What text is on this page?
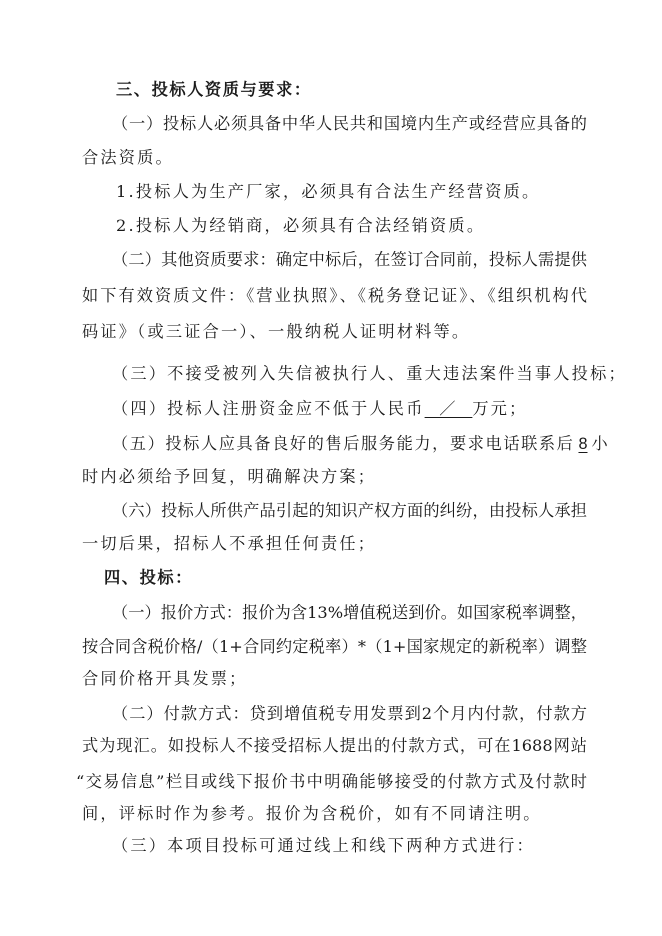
三、投标人资质与要求：
（一）投标人必须具备中华人民共和国境内生产或经营应具备的
合法资质。
1.投标人为生产厂家，必须具有合法生产经营资质。
2.投标人为经销商，必须具有合法经销资质。
（二）其他资质要求：确定中标后，在签订合同前，投标人需提供
如下有效资质文件：《营业执照》、《税务登记证》、《组织机构代
码证》（或三证合一）、一般纳税人证明材料等。
（三）不接受被列入失信被执行人、重大违法案件当事人投标；
（四）投标人注册资金应不低于人民币  ／  万元；
（五）投标人应具备良好的售后服务能力，要求电话联系后 8 小
时内必须给予回复，明确解决方案；
（六）投标人所供产品引起的知识产权方面的纠纷，由投标人承担
一切后果，招标人不承担任何责任；
四、投标：
（一）报价方式：报价为含13%增值税送到价。如国家税率调整，
按合同含税价格/（1+合同约定税率）*（1+国家规定的新税率）调整
合同价格开具发票；
（二）付款方式：贷到增值税专用发票到2个月内付款，付款方
式为现汇。如投标人不接受招标人提出的付款方式，可在1688网站
“交易信息”栏目或线下报价书中明确能够接受的付款方式及付款时
间，评标时作为参考。报价为含税价，如有不同请注明。
（三）本项目投标可通过线上和线下两种方式进行：
